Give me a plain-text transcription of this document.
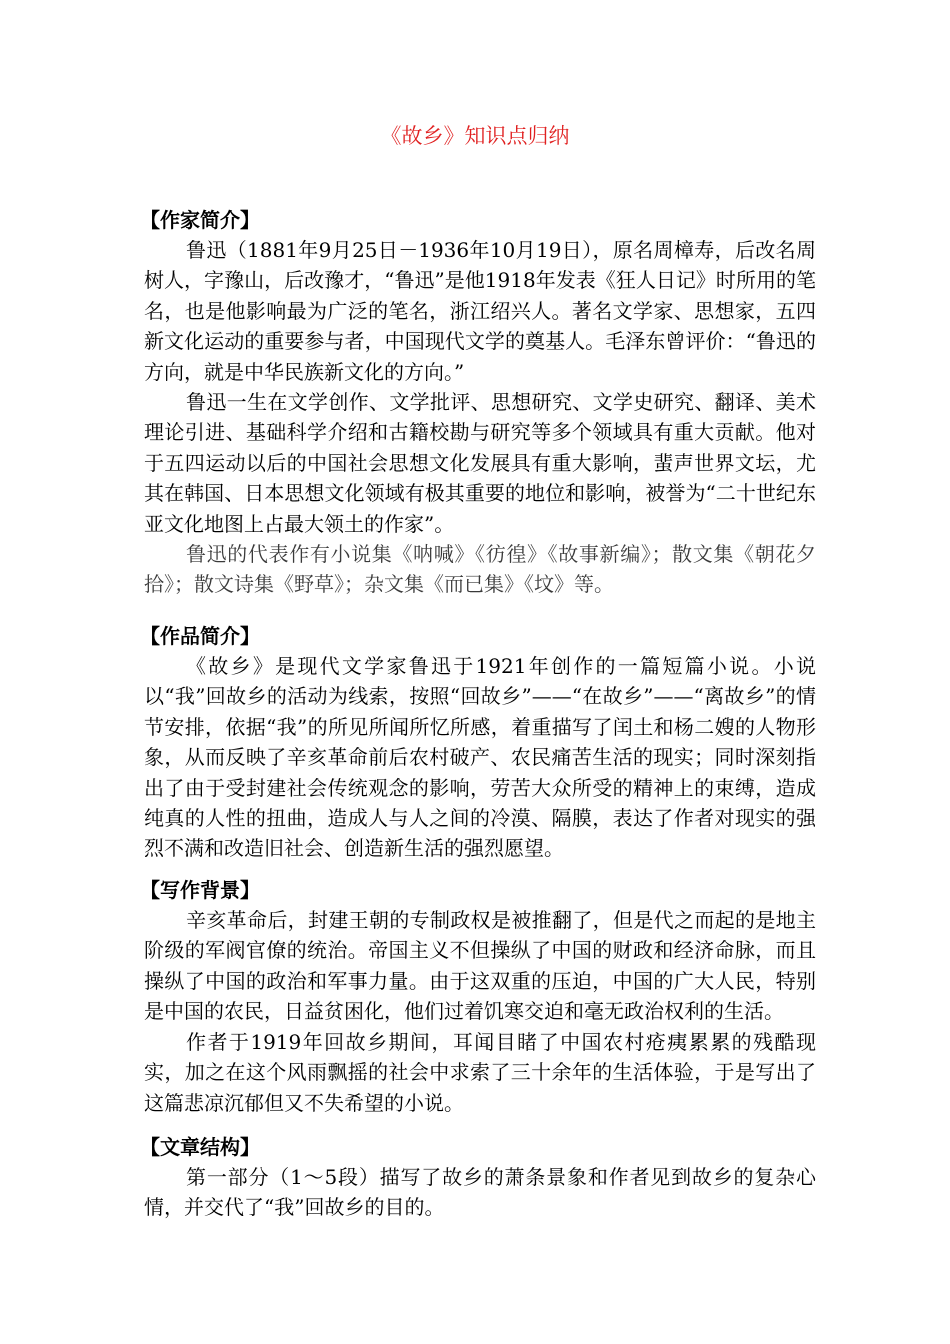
《故乡》知识点归纳
【作家简介】

鲁迅（1881年9月25日－1936年10月19日），原名周樟寿，后改名周树人，字豫山，后改豫才，“鲁迅”是他1918年发表《狂人日记》时所用的笔名，也是他影响最为广泛的笔名，浙江绍兴人。著名文学家、思想家，五四新文化运动的重要参与者，中国现代文学的奠基人。毛泽东曾评价：“鲁迅的方向，就是中华民族新文化的方向。”

鲁迅一生在文学创作、文学批评、思想研究、文学史研究、翻译、美术理论引进、基础科学介绍和古籍校勘与研究等多个领域具有重大贡献。他对于五四运动以后的中国社会思想文化发展具有重大影响，蜚声世界文坛，尤其在韩国、日本思想文化领域有极其重要的地位和影响，被誉为“二十世纪东亚文化地图上占最大领土的作家”。

鲁迅的代表作有小说集《呐喊》《彷徨》《故事新编》；散文集《朝花夕拾》；散文诗集《野草》；杂文集《而已集》《坟》等。

【作品简介】

《故乡》是现代文学家鲁迅于1921年创作的一篇短篇小说。小说以“我”回故乡的活动为线索，按照“回故乡”——“在故乡”——“离故乡”的情节安排，依据“我”的所见所闻所忆所感，着重描写了闰土和杨二嫂的人物形象，从而反映了辛亥革命前后农村破产、农民痛苦生活的现实；同时深刻指出了由于受封建社会传统观念的影响，劳苦大众所受的精神上的束缚，造成纯真的人性的扭曲，造成人与人之间的冷漠、隔膜，表达了作者对现实的强烈不满和改造旧社会、创造新生活的强烈愿望。

【写作背景】

辛亥革命后，封建王朝的专制政权是被推翻了，但是代之而起的是地主阶级的军阀官僚的统治。帝国主义不但操纵了中国的财政和经济命脉，而且操纵了中国的政治和军事力量。由于这双重的压迫，中国的广大人民，特别是中国的农民，日益贫困化，他们过着饥寒交迫和毫无政治权利的生活。

作者于1919年回故乡期间，耳闻目睹了中国农村疮痍累累的残酷现实，加之在这个风雨飘摇的社会中求索了三十余年的生活体验，于是写出了这篇悲凉沉郁但又不失希望的小说。

【文章结构】

第一部分（1～5段）描写了故乡的萧条景象和作者见到故乡的复杂心情，并交代了“我”回故乡的目的。
